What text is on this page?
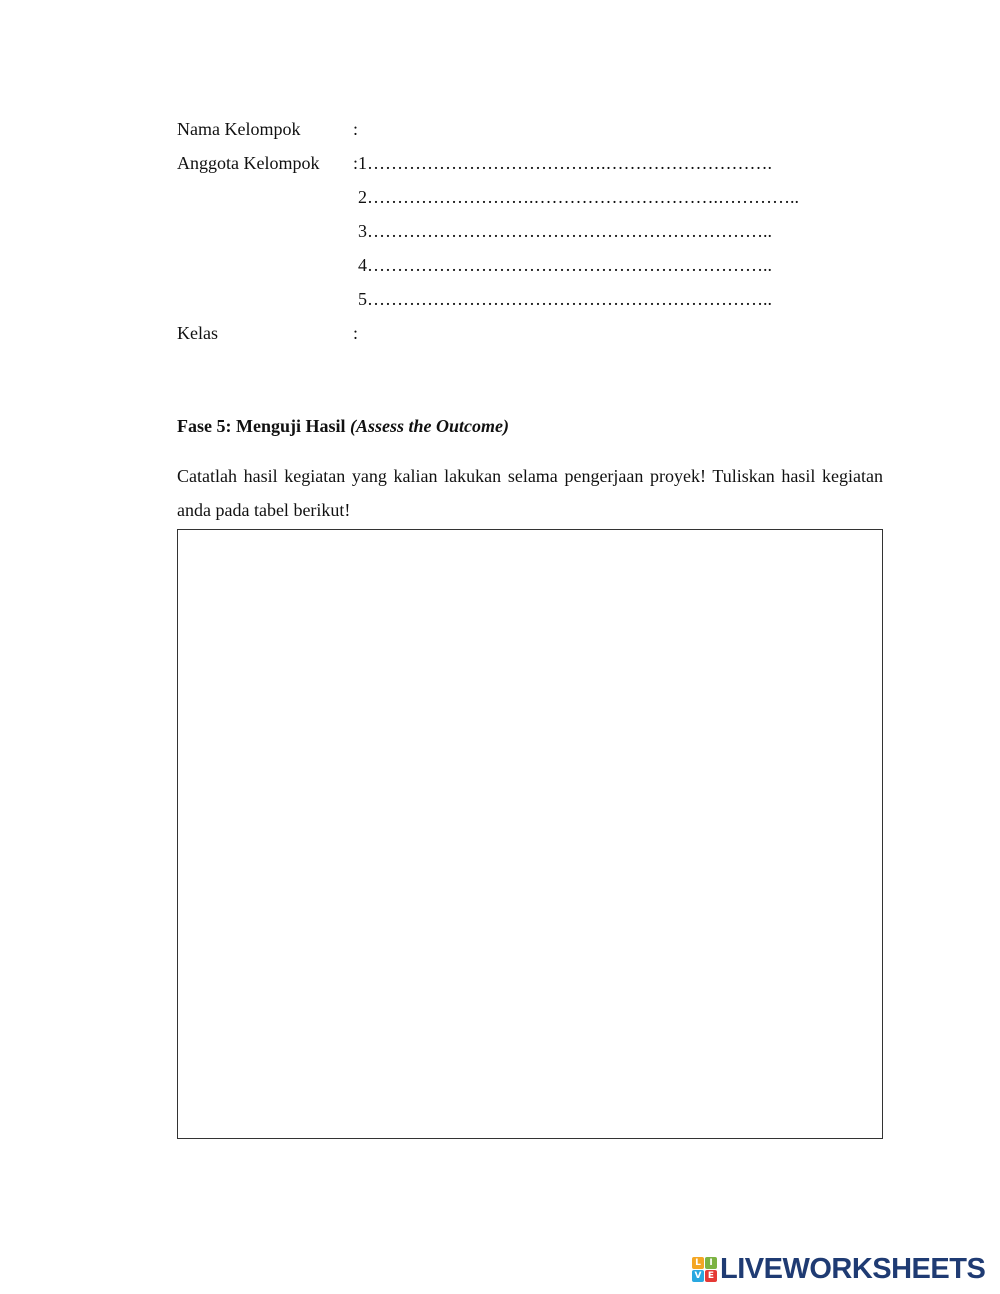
Nama Kelompok	:
Anggota Kelompok :1………………………………….……………………….
2……………………….………………………….…………..
3…………………………………………………………..
4…………………………………………………………..
5…………………………………………………………..
Kelas	:
Fase 5: Menguji Hasil (Assess the Outcome)
Catatlah hasil kegiatan yang kalian lakukan selama pengerjaan proyek! Tuliskan hasil kegiatan anda pada tabel berikut!
L I
V E LIVEWORKSHEETS
